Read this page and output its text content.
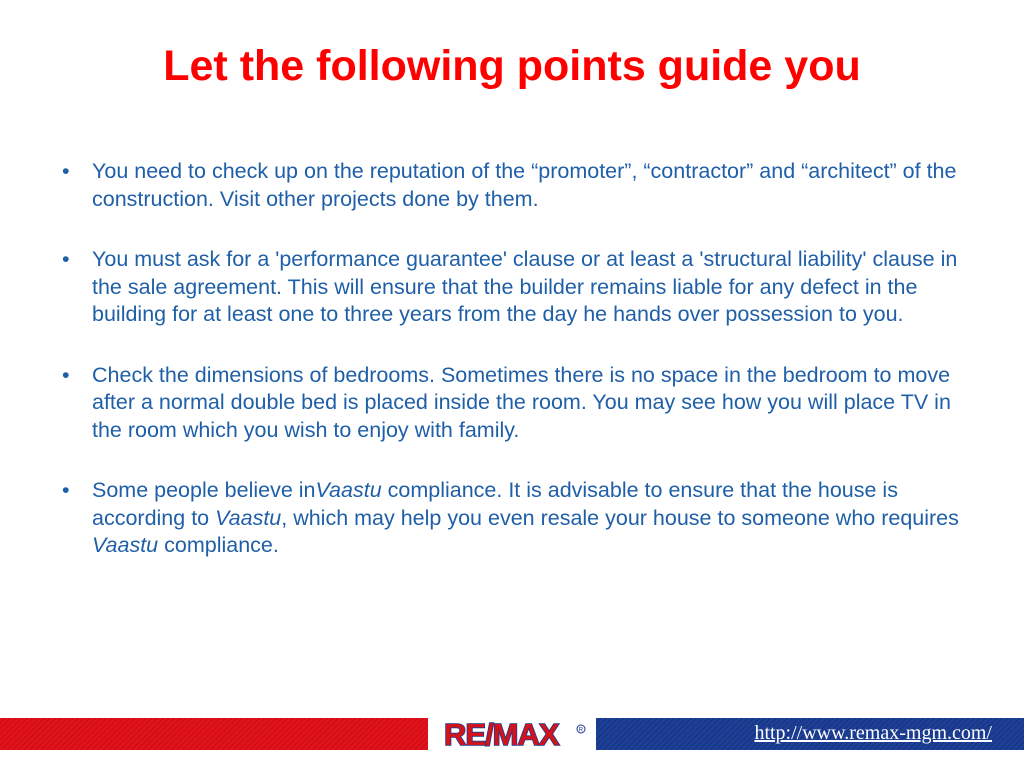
Let the following points guide you
•	You need to check up on the reputation of the “promoter”, “contractor” and “architect” of the construction. Visit other projects done by them.
•	You must ask for a 'performance guarantee' clause or at least a 'structural liability' clause in the sale agreement. This will ensure that the builder remains liable for any defect in the building for at least one to three years from the day he hands over possession to you.
•	Check the dimensions of bedrooms. Sometimes there is no space in the bedroom to move after a normal double bed is placed inside the room. You may see how you will place TV in the room which you wish to enjoy with family.
•	Some people believe inVaastu compliance. It is advisable to ensure that the house is according to Vaastu, which may help you even resale your house to someone who requires Vaastu compliance.
RE/MAX	R	http://www.remax-mgm.com/
